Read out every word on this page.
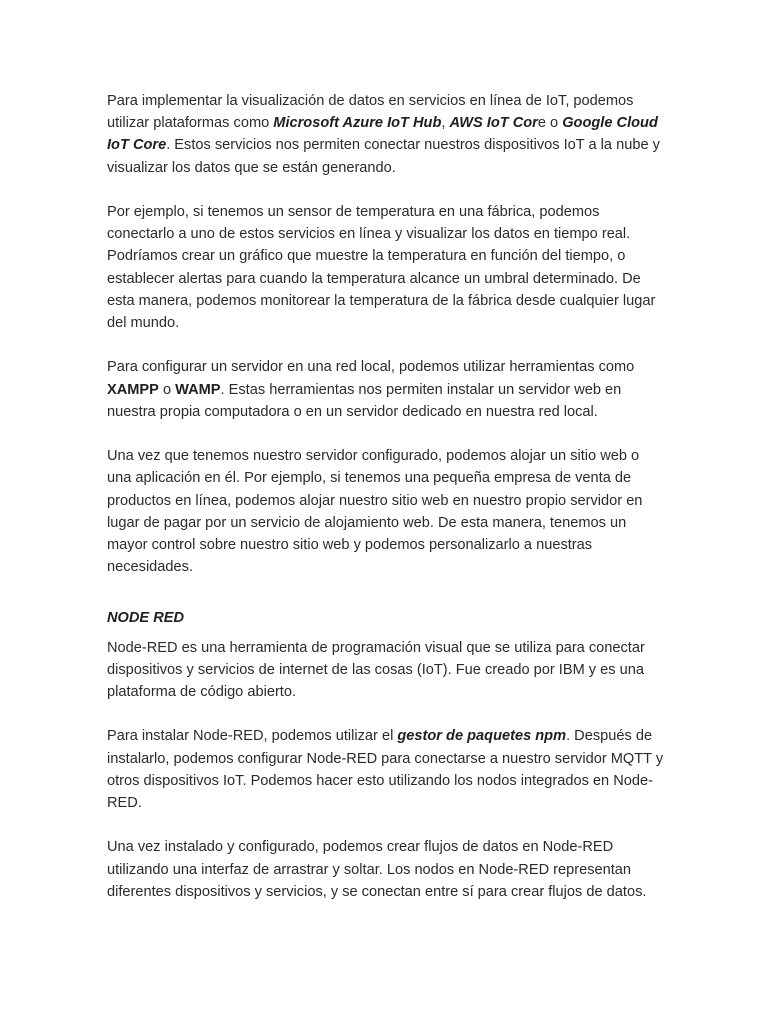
Para implementar la visualización de datos en servicios en línea de IoT, podemos utilizar plataformas como Microsoft Azure IoT Hub, AWS IoT Core o Google Cloud IoT Core. Estos servicios nos permiten conectar nuestros dispositivos IoT a la nube y visualizar los datos que se están generando.

Por ejemplo, si tenemos un sensor de temperatura en una fábrica, podemos conectarlo a uno de estos servicios en línea y visualizar los datos en tiempo real. Podríamos crear un gráfico que muestre la temperatura en función del tiempo, o establecer alertas para cuando la temperatura alcance un umbral determinado. De esta manera, podemos monitorear la temperatura de la fábrica desde cualquier lugar del mundo.

Para configurar un servidor en una red local, podemos utilizar herramientas como XAMPP o WAMP. Estas herramientas nos permiten instalar un servidor web en nuestra propia computadora o en un servidor dedicado en nuestra red local.

Una vez que tenemos nuestro servidor configurado, podemos alojar un sitio web o una aplicación en él. Por ejemplo, si tenemos una pequeña empresa de venta de productos en línea, podemos alojar nuestro sitio web en nuestro propio servidor en lugar de pagar por un servicio de alojamiento web. De esta manera, tenemos un mayor control sobre nuestro sitio web y podemos personalizarlo a nuestras necesidades.

NODE RED

Node-RED es una herramienta de programación visual que se utiliza para conectar dispositivos y servicios de internet de las cosas (IoT). Fue creado por IBM y es una plataforma de código abierto.

Para instalar Node-RED, podemos utilizar el gestor de paquetes npm. Después de instalarlo, podemos configurar Node-RED para conectarse a nuestro servidor MQTT y otros dispositivos IoT. Podemos hacer esto utilizando los nodos integrados en Node-RED.

Una vez instalado y configurado, podemos crear flujos de datos en Node-RED utilizando una interfaz de arrastrar y soltar. Los nodos en Node-RED representan diferentes dispositivos y servicios, y se conectan entre sí para crear flujos de datos.
